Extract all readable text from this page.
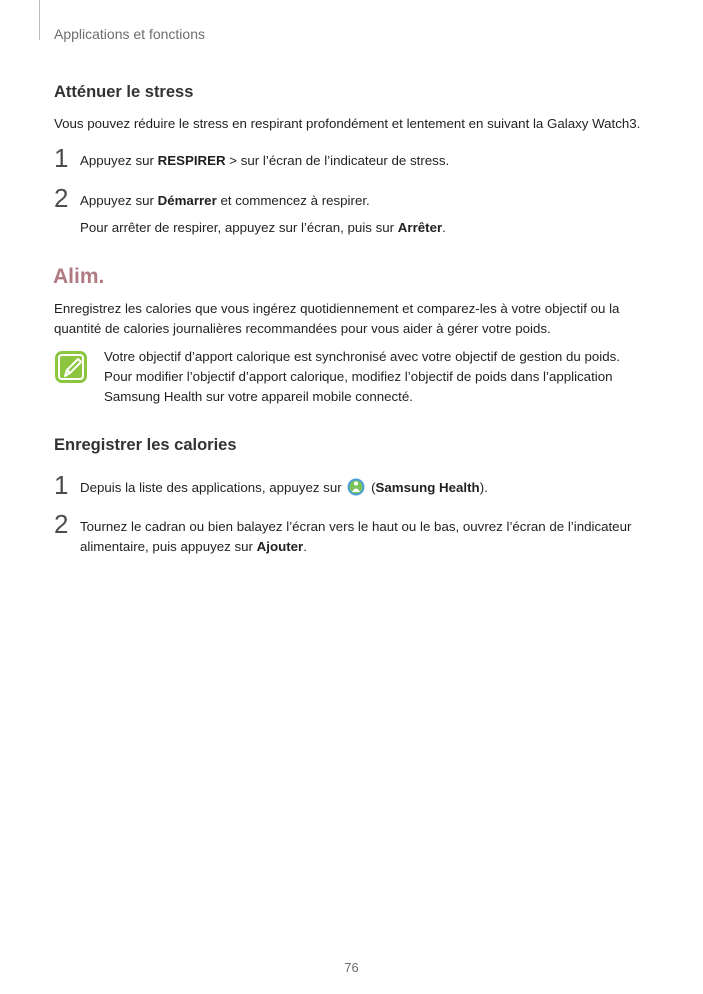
Applications et fonctions
Atténuer le stress
Vous pouvez réduire le stress en respirant profondément et lentement en suivant la Galaxy Watch3.
1 Appuyez sur RESPIRER > sur l’écran de l’indicateur de stress.
2 Appuyez sur Démarrer et commencez à respirer.
Pour arrêter de respirer, appuyez sur l’écran, puis sur Arrêter.
Alim.
Enregistrez les calories que vous ingérez quotidiennement et comparez-les à votre objectif ou la
quantité de calories journalières recommandées pour vous aider à gérer votre poids.
Votre objectif d’apport calorique est synchronisé avec votre objectif de gestion du poids.
Pour modifier l’objectif d’apport calorique, modifiez l’objectif de poids dans l’application
Samsung Health sur votre appareil mobile connecté.
Enregistrer les calories
1 Depuis la liste des applications, appuyez sur  (Samsung Health).
2 Tournez le cadran ou bien balayez l’écran vers le haut ou le bas, ouvrez l’écran de l’indicateur
alimentaire, puis appuyez sur Ajouter.
76
